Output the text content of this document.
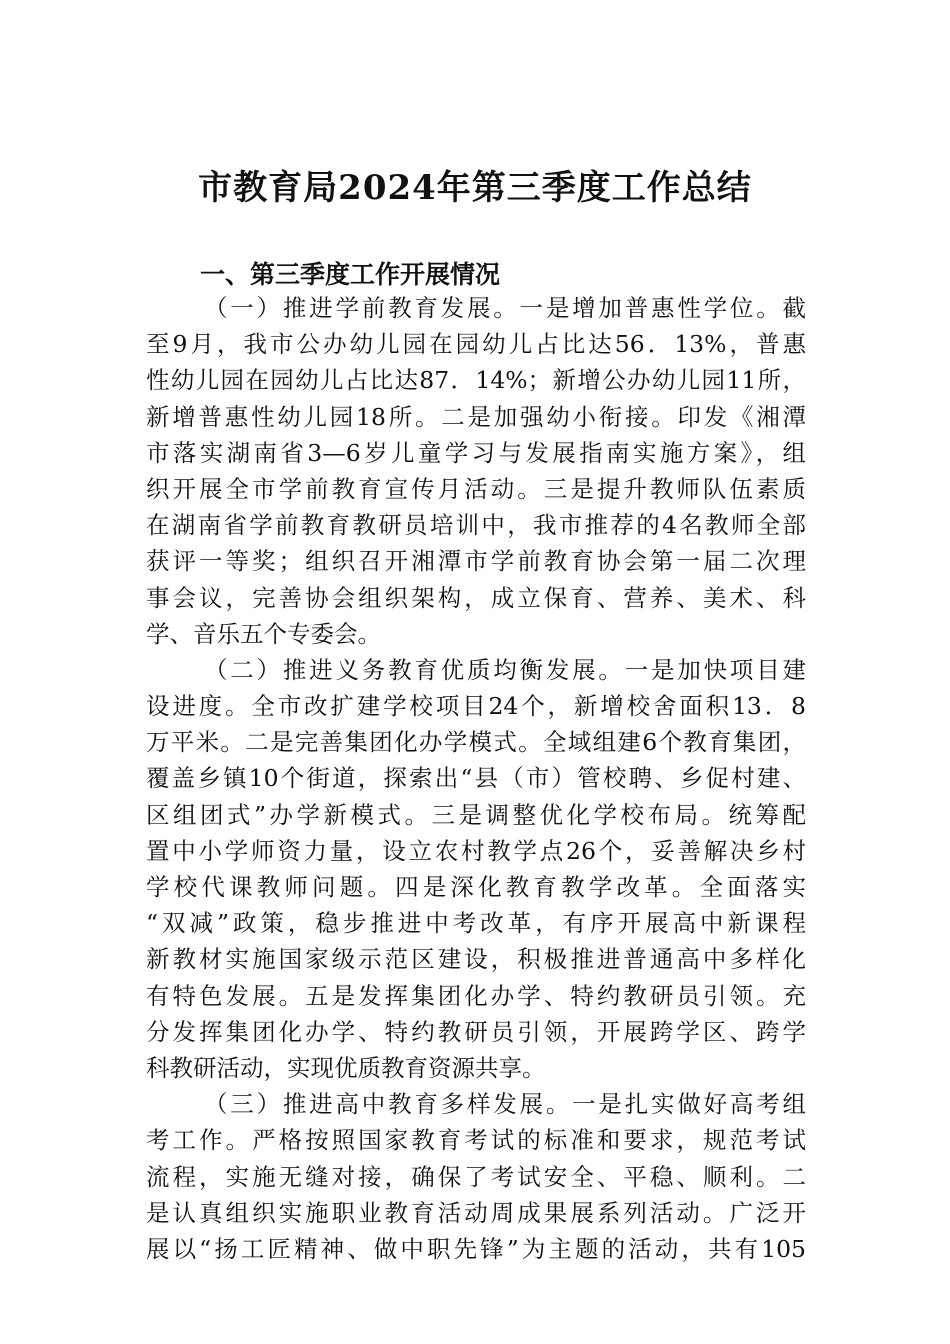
市教育局2024年第三季度工作总结
一、第三季度工作开展情况
（一）推进学前教育发展。一是增加普惠性学位。截
至9月，我市公办幼儿园在园幼儿占比达56．13%，普惠
性幼儿园在园幼儿占比达87．14%；新增公办幼儿园11所，
新增普惠性幼儿园18所。二是加强幼小衔接。印发《湘潭
市落实湖南省3—6岁儿童学习与发展指南实施方案》，组
织开展全市学前教育宣传月活动。三是提升教师队伍素质
在湖南省学前教育教研员培训中，我市推荐的4名教师全部
获评一等奖；组织召开湘潭市学前教育协会第一届二次理
事会议，完善协会组织架构，成立保育、营养、美术、科
学、音乐五个专委会。
（二）推进义务教育优质均衡发展。一是加快项目建
设进度。全市改扩建学校项目24个，新增校舍面积13．8
万平米。二是完善集团化办学模式。全域组建6个教育集团，
覆盖乡镇10个街道，探索出“县（市）管校聘、乡促村建、
区组团式”办学新模式。三是调整优化学校布局。统筹配
置中小学师资力量，设立农村教学点26个，妥善解决乡村
学校代课教师问题。四是深化教育教学改革。全面落实
“双减”政策，稳步推进中考改革，有序开展高中新课程
新教材实施国家级示范区建设，积极推进普通高中多样化
有特色发展。五是发挥集团化办学、特约教研员引领。充
分发挥集团化办学、特约教研员引领，开展跨学区、跨学
科教研活动，实现优质教育资源共享。
（三）推进高中教育多样发展。一是扎实做好高考组
考工作。严格按照国家教育考试的标准和要求，规范考试
流程，实施无缝对接，确保了考试安全、平稳、顺利。二
是认真组织实施职业教育活动周成果展系列活动。广泛开
展以“扬工匠精神、做中职先锋”为主题的活动，共有105
